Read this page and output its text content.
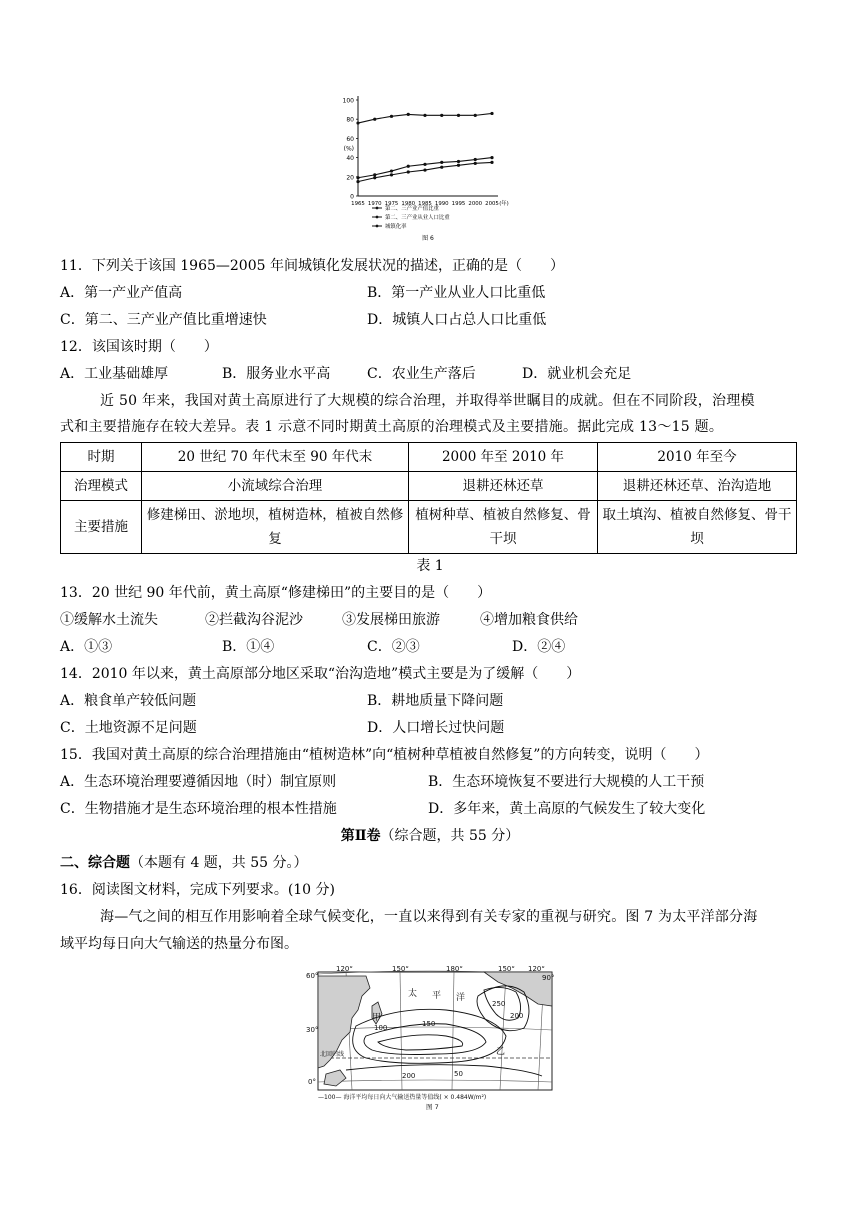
100
80
60
(%)
40
20
0
1965 1970 1975 1980 1985 1990 1995 2000 2005 (年)
第二、三产业产值比重
第二、三产业从业人口比重
城镇化率
图 6
11．下列关于该国 1965—2005 年间城镇化发展状况的描述，正确的是（　　）
A．第一产业产值高	B．第一产业从业人口比重低
C．第二、三产业产值比重增速快	D．城镇人口占总人口比重低
12．该国该时期（　　）
A．工业基础雄厚	B．服务业水平高	C．农业生产落后	D．就业机会充足
近 50 年来，我国对黄土高原进行了大规模的综合治理，并取得举世瞩目的成就。但在不同阶段，治理模
式和主要措施存在较大差异。表 1 示意不同时期黄土高原的治理模式及主要措施。据此完成 13～15 题。
时期	20 世纪 70 年代末至 90 年代末	2000 年至 2010 年	2010 年至今
治理模式	小流域综合治理	退耕还林还草	退耕还林还草、治沟造地
主要措施	修建梯田、淤地坝，植树造林，植被自然修复	植树种草、植被自然修复、骨干坝	取土填沟、植被自然修复、骨干坝
表 1
13．20 世纪 90 年代前，黄土高原“修建梯田”的主要目的是（　　）
①缓解水土流失	②拦截沟谷泥沙	③发展梯田旅游	④增加粮食供给
A．①③	B．①④	C．②③	D．②④
14．2010 年以来，黄土高原部分地区采取“治沟造地”模式主要是为了缓解（　　）
A．粮食单产较低问题	B．耕地质量下降问题
C．土地资源不足问题	D．人口增长过快问题
15．我国对黄土高原的综合治理措施由“植树造林”向“植树种草植被自然修复”的方向转变，说明（　　）
A．生态环境治理要遵循因地（时）制宜原则	B．生态环境恢复不要进行大规模的人工干预
C．生物措施才是生态环境治理的根本性措施	D．多年来，黄土高原的气候发生了较大变化
第Ⅱ卷（综合题，共 55 分）
二、综合题（本题有 4 题，共 55 分。）
16．阅读图文材料，完成下列要求。(10 分)
海—气之间的相互作用影响着全球气候变化，一直以来得到有关专家的重视与研究。图 7 为太平洋部分海
域平均每日向大气输送的热量分布图。
120°	150°	180°	150° 120°
90°
60°
30°
0°
250
200
150
100
50
200
太 平 洋
甲
乙
北回归线
—100— 海洋平均每日向大气输送热量等值线( × 0.484W/m²)
图 7
